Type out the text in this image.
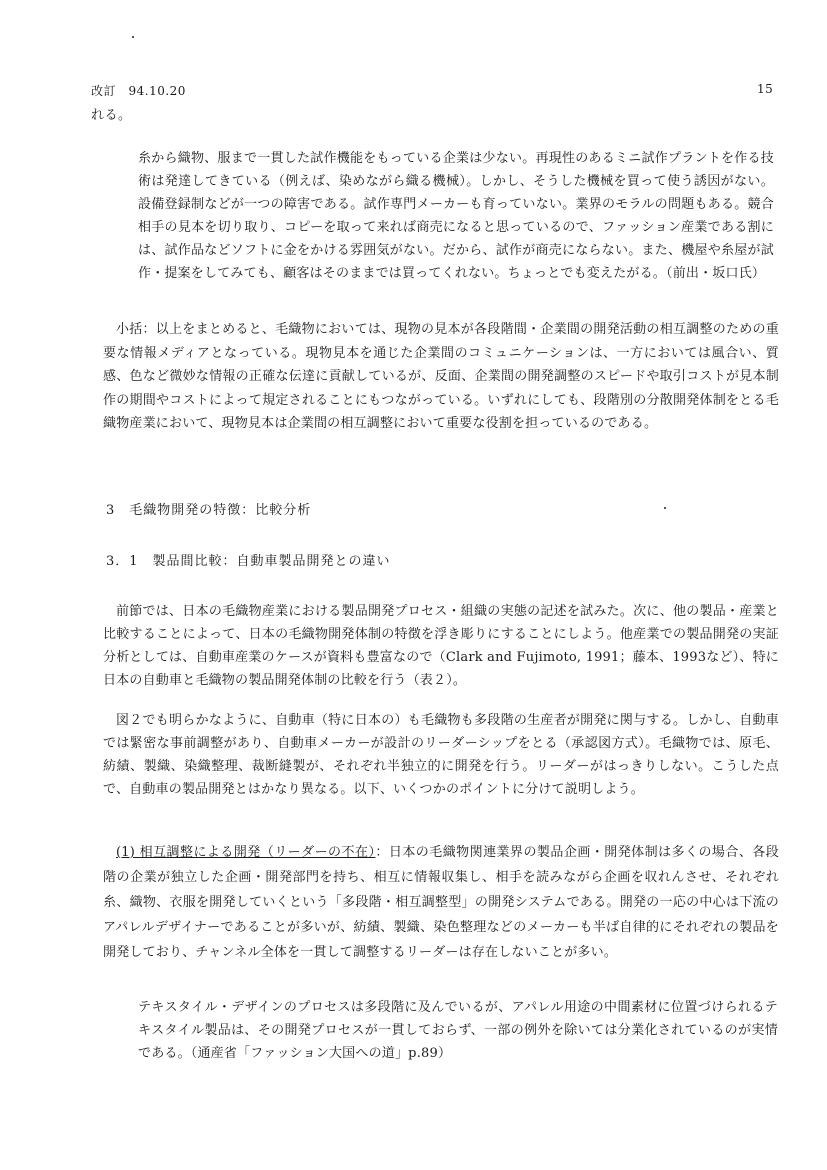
改訂　94.10.20	15
れる。
糸から織物、服まで一貫した試作機能をもっている企業は少ない。再現性のあるミニ試作プラントを作る技術は発達してきている（例えば、染めながら織る機械）。しかし、そうした機械を買って使う誘因がない。設備登録制などが一つの障害である。試作専門メーカーも育っていない。業界のモラルの問題もある。競合相手の見本を切り取り、コピーを取って来れば商売になると思っているので、ファッション産業である割には、試作品などソフトに金をかける雰囲気がない。だから、試作が商売にならない。また、機屋や糸屋が試作・提案をしてみても、顧客はそのままでは買ってくれない。ちょっとでも変えたがる。（前出・坂口氏）
小括：以上をまとめると、毛織物においては、現物の見本が各段階間・企業間の開発活動の相互調整のための重要な情報メディアとなっている。現物見本を通じた企業間のコミュニケーションは、一方においては風合い、質感、色など微妙な情報の正確な伝達に貢献しているが、反面、企業間の開発調整のスピードや取引コストが見本制作の期間やコストによって規定されることにもつながっている。いずれにしても、段階別の分散開発体制をとる毛織物産業において、現物見本は企業間の相互調整において重要な役割を担っているのである。
3　毛織物開発の特徴：比較分析
3．1　製品間比較：自動車製品開発との違い
前節では、日本の毛織物産業における製品開発プロセス・組織の実態の記述を試みた。次に、他の製品・産業と比較することによって、日本の毛織物開発体制の特徴を浮き彫りにすることにしよう。他産業での製品開発の実証分析としては、自動車産業のケースが資料も豊富なので（Clark and Fujimoto, 1991；藤本、1993など）、特に日本の自動車と毛織物の製品開発体制の比較を行う（表２）。
図２でも明らかなように、自動車（特に日本の）も毛織物も多段階の生産者が開発に関与する。しかし、自動車では緊密な事前調整があり、自動車メーカーが設計のリーダーシップをとる（承認図方式）。毛織物では、原毛、紡績、製織、染織整理、裁断縫製が、それぞれ半独立的に開発を行う。リーダーがはっきりしない。こうした点で、自動車の製品開発とはかなり異なる。以下、いくつかのポイントに分けて説明しよう。
(1) 相互調整による開発（リーダーの不在）：日本の毛織物関連業界の製品企画・開発体制は多くの場合、各段階の企業が独立した企画・開発部門を持ち、相互に情報収集し、相手を読みながら企画を収れんさせ、それぞれ糸、織物、衣服を開発していくという「多段階・相互調整型」の開発システムである。開発の一応の中心は下流のアパレルデザイナーであることが多いが、紡績、製織、染色整理などのメーカーも半ば自律的にそれぞれの製品を開発しており、チャンネル全体を一貫して調整するリーダーは存在しないことが多い。
テキスタイル・デザインのプロセスは多段階に及んでいるが、アパレル用途の中間素材に位置づけられるテキスタイル製品は、その開発プロセスが一貫しておらず、一部の例外を除いては分業化されているのが実情である。（通産省「ファッション大国への道」p.89）
